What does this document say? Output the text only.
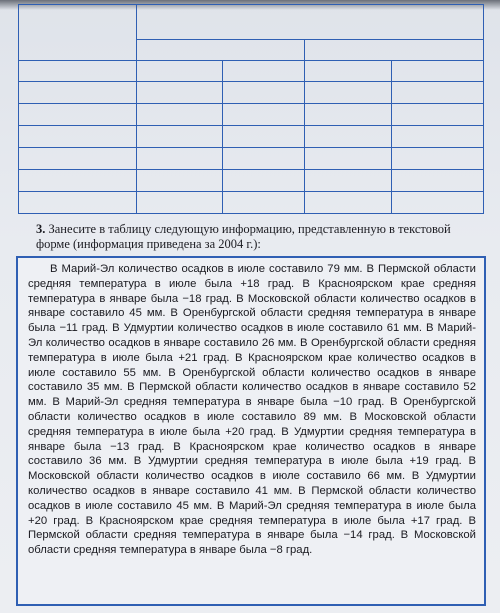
3. Занесите в таблицу следующую информацию, представленную в текстовой форме (информация приведена за 2004 г.):

В Марий-Эл количество осадков в июле составило 79 мм. В Пермской области средняя температура в июле была +18 град. В Красноярском крае средняя температура в январе была −18 град. В Московской области количество осадков в январе составило 45 мм. В Оренбургской области средняя температура в январе была −11 град. В Удмуртии количество осадков в июле составило 61 мм. В Марий-Эл количество осадков в январе составило 26 мм. В Оренбургской области средняя температура в июле была +21 град. В Красноярском крае количество осадков в июле составило 55 мм. В Оренбургской области количество осадков в январе составило 35 мм. В Пермской области количество осадков в январе составило 52 мм. В Марий-Эл средняя температура в январе была −10 град. В Оренбургской области количество осадков в июле составило 89 мм. В Московской области средняя температура в июле была +20 град. В Удмуртии средняя температура в январе была −13 град. В Красноярском крае количество осадков в январе составило 36 мм. В Удмуртии средняя температура в июле была +19 град. В Московской области количество осадков в июле составило 66 мм. В Удмуртии количество осадков в январе составило 41 мм. В Пермской области количество осадков в июле составило 45 мм. В Марий-Эл средняя температура в июле была +20 град. В Красноярском крае средняя температура в июле была +17 град. В Пермской области средняя температура в январе была −14 град. В Московской области средняя температура в январе была −8 град.
